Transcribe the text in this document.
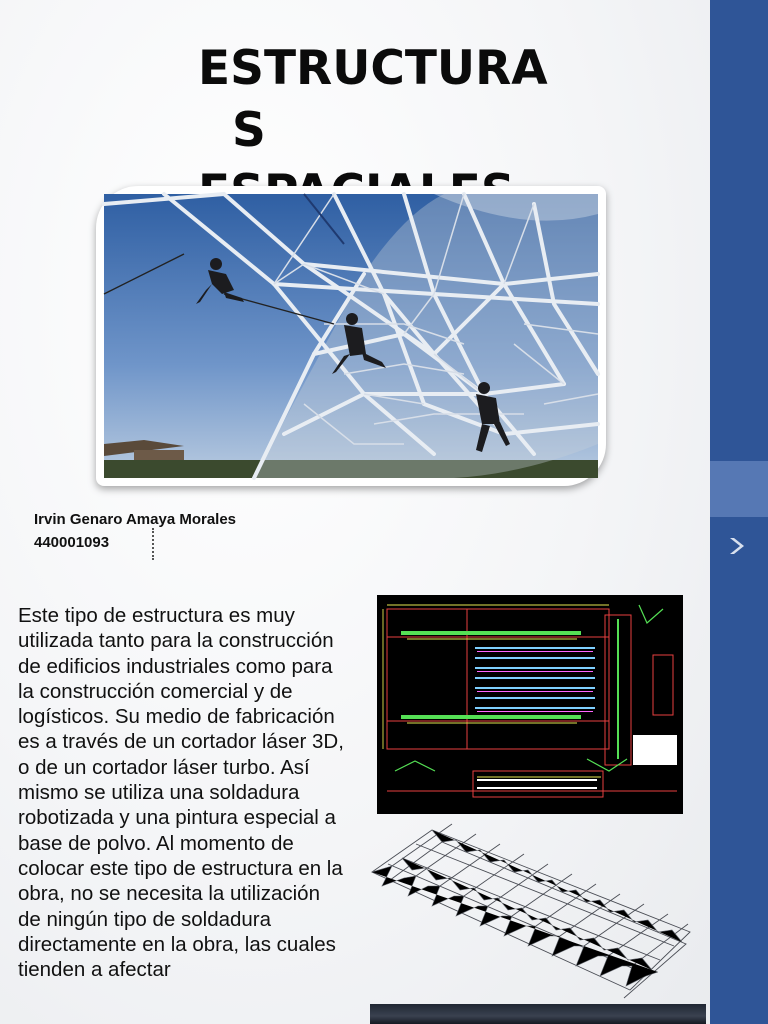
ESTRUCTURA
S
Irvin Genaro Amaya Morales
440001093

Este tipo de estructura es muy utilizada tanto para la construcción de edificios industriales como para la construcción comercial y de logísticos. Su medio de fabricación es a través de un cortador láser 3D, o de un cortador láser turbo. Así mismo se utiliza una soldadura robotizada y una pintura especial a base de polvo. Al momento de colocar este tipo de estructura en la obra, no se necesita la utilización de ningún tipo de soldadura directamente en la obra, las cuales tienden a afectar
